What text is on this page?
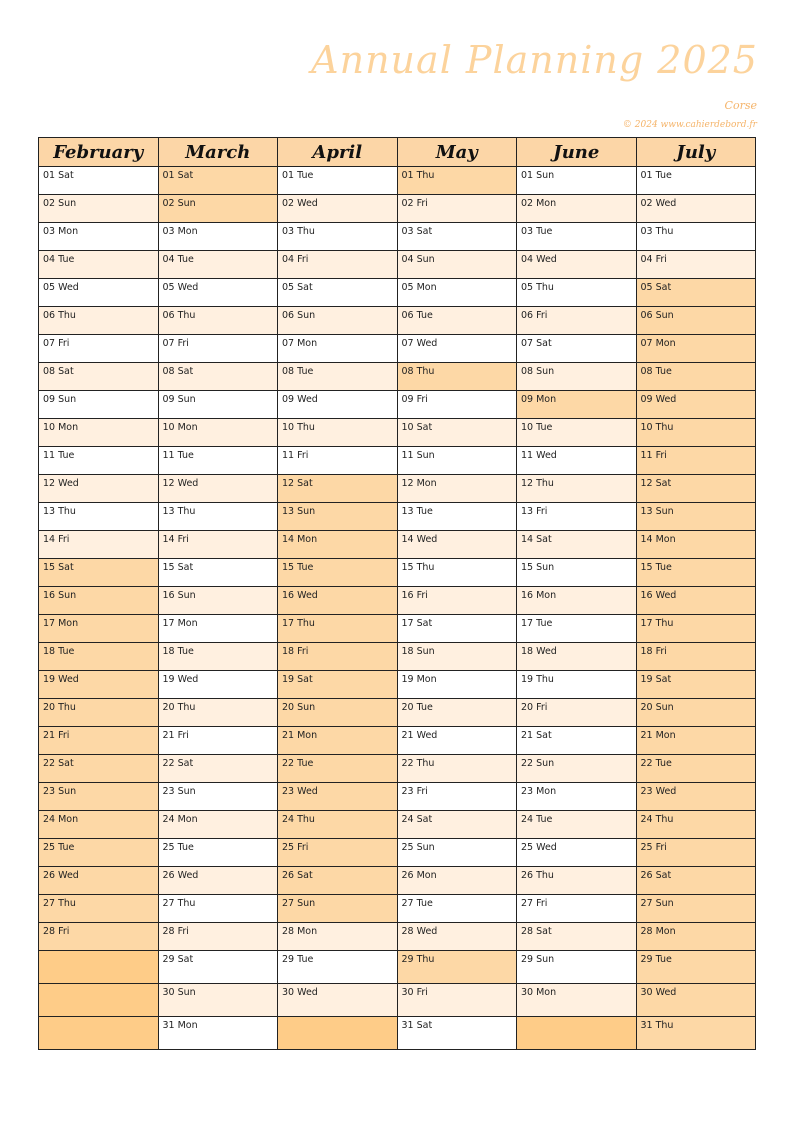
Annual Planning 2025
Corse
© 2024 www.cahierdebord.fr
February	March	April	May	June	July
01 Sat	01 Sat	01 Tue	01 Thu	01 Sun	01 Tue
02 Sun	02 Sun	02 Wed	02 Fri	02 Mon	02 Wed
03 Mon	03 Mon	03 Thu	03 Sat	03 Tue	03 Thu
04 Tue	04 Tue	04 Fri	04 Sun	04 Wed	04 Fri
05 Wed	05 Wed	05 Sat	05 Mon	05 Thu	05 Sat
06 Thu	06 Thu	06 Sun	06 Tue	06 Fri	06 Sun
07 Fri	07 Fri	07 Mon	07 Wed	07 Sat	07 Mon
08 Sat	08 Sat	08 Tue	08 Thu	08 Sun	08 Tue
09 Sun	09 Sun	09 Wed	09 Fri	09 Mon	09 Wed
10 Mon	10 Mon	10 Thu	10 Sat	10 Tue	10 Thu
11 Tue	11 Tue	11 Fri	11 Sun	11 Wed	11 Fri
12 Wed	12 Wed	12 Sat	12 Mon	12 Thu	12 Sat
13 Thu	13 Thu	13 Sun	13 Tue	13 Fri	13 Sun
14 Fri	14 Fri	14 Mon	14 Wed	14 Sat	14 Mon
15 Sat	15 Sat	15 Tue	15 Thu	15 Sun	15 Tue
16 Sun	16 Sun	16 Wed	16 Fri	16 Mon	16 Wed
17 Mon	17 Mon	17 Thu	17 Sat	17 Tue	17 Thu
18 Tue	18 Tue	18 Fri	18 Sun	18 Wed	18 Fri
19 Wed	19 Wed	19 Sat	19 Mon	19 Thu	19 Sat
20 Thu	20 Thu	20 Sun	20 Tue	20 Fri	20 Sun
21 Fri	21 Fri	21 Mon	21 Wed	21 Sat	21 Mon
22 Sat	22 Sat	22 Tue	22 Thu	22 Sun	22 Tue
23 Sun	23 Sun	23 Wed	23 Fri	23 Mon	23 Wed
24 Mon	24 Mon	24 Thu	24 Sat	24 Tue	24 Thu
25 Tue	25 Tue	25 Fri	25 Sun	25 Wed	25 Fri
26 Wed	26 Wed	26 Sat	26 Mon	26 Thu	26 Sat
27 Thu	27 Thu	27 Sun	27 Tue	27 Fri	27 Sun
28 Fri	28 Fri	28 Mon	28 Wed	28 Sat	28 Mon
	29 Sat	29 Tue	29 Thu	29 Sun	29 Tue
	30 Sun	30 Wed	30 Fri	30 Mon	30 Wed
	31 Mon		31 Sat		31 Thu
